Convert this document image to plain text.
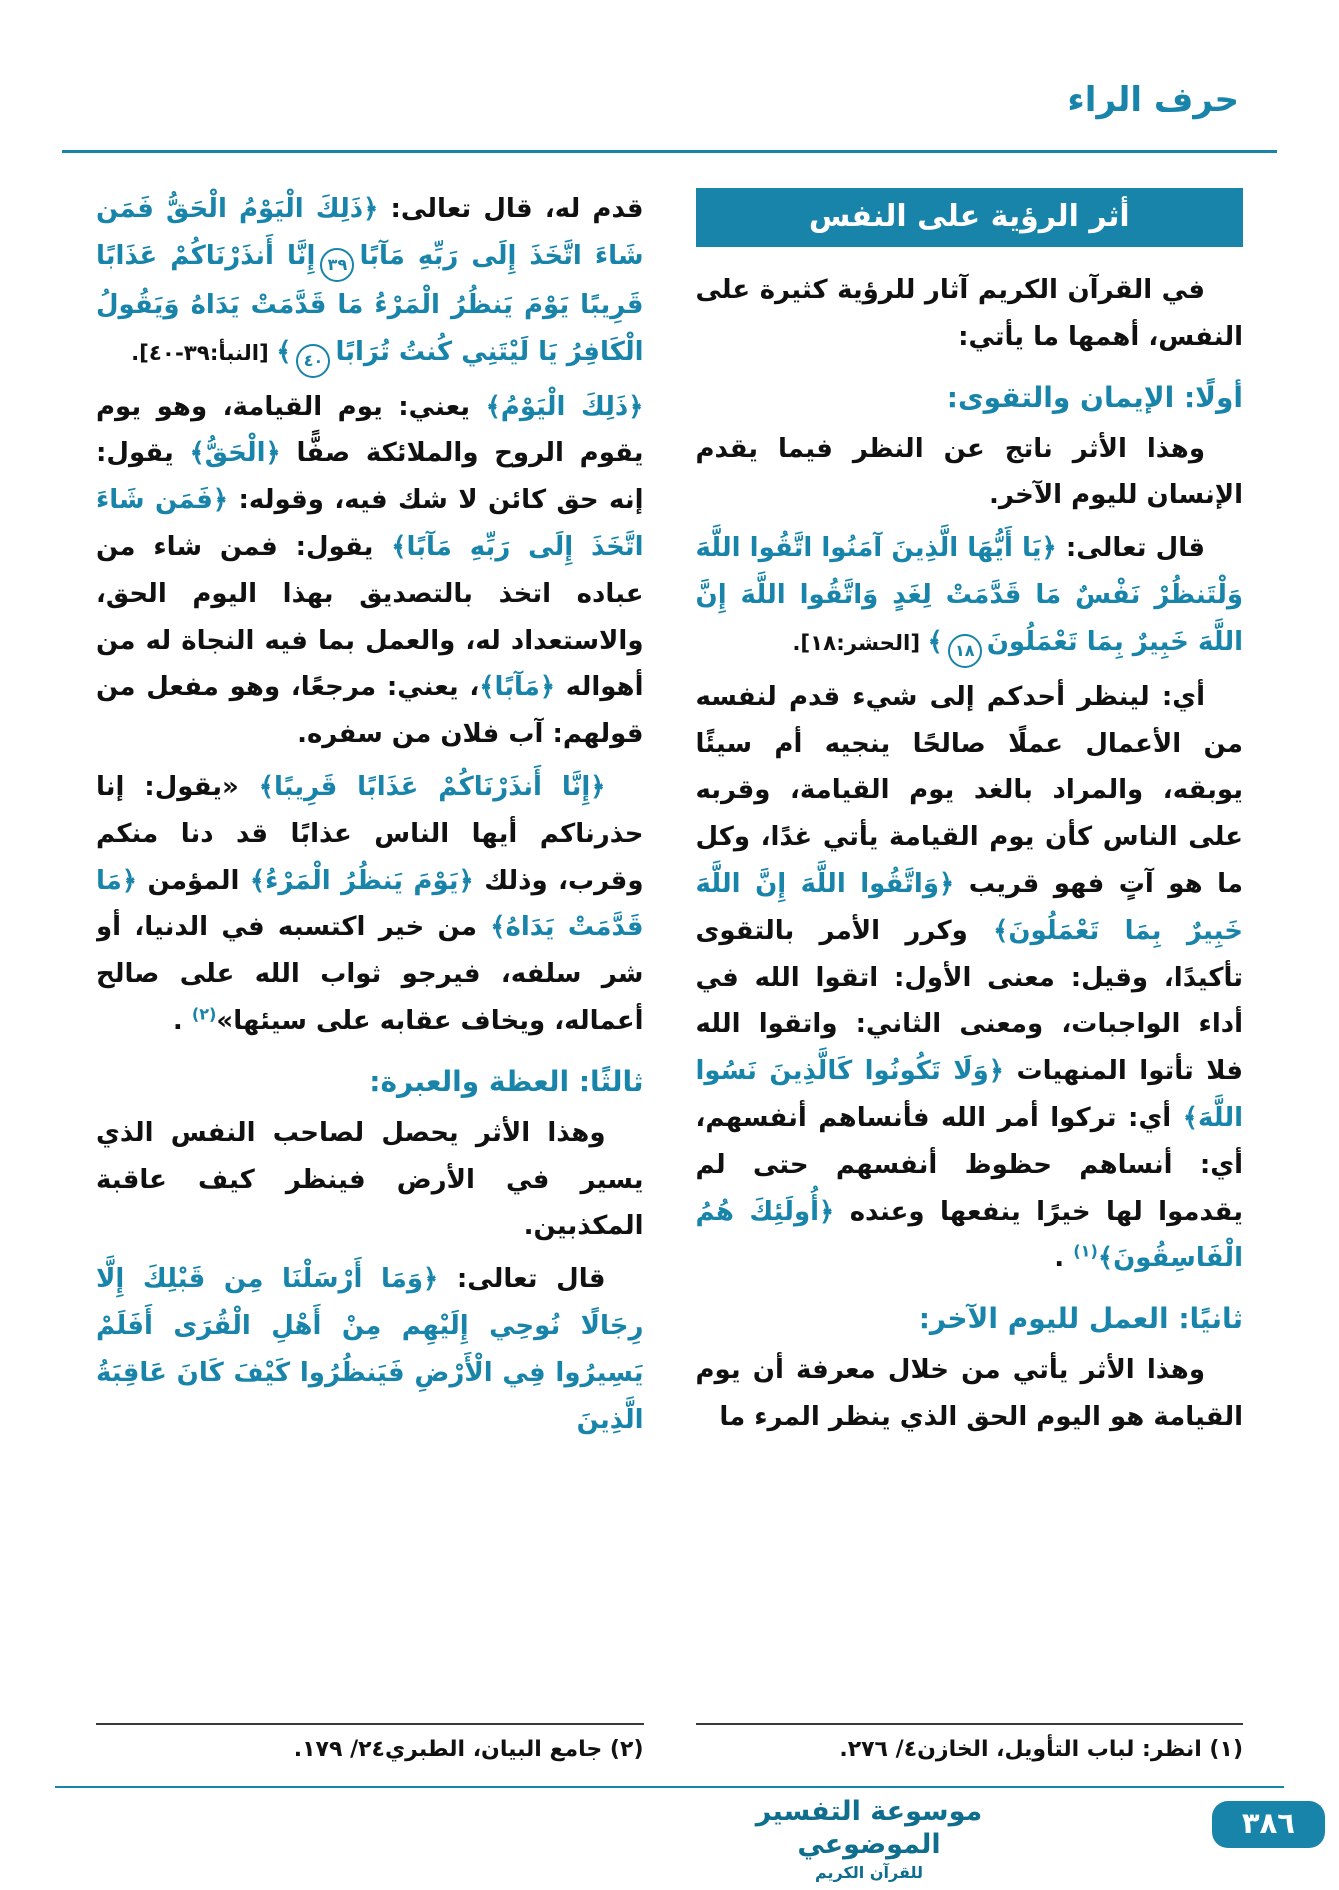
حرف الراء
أثر الرؤية على النفس

في القرآن الكريم آثار للرؤية كثيرة على النفس، أهمها ما يأتي:

أولًا: الإيمان والتقوى:

وهذا الأثر ناتج عن النظر فيما يقدم الإنسان لليوم الآخر.

قال تعالى: ﴿يَا أَيُّهَا الَّذِينَ آمَنُوا اتَّقُوا اللَّهَ وَلْتَنظُرْ نَفْسٌ مَا قَدَّمَتْ لِغَدٍ وَاتَّقُوا اللَّهَ إِنَّ اللَّهَ خَبِيرٌ بِمَا تَعْمَلُونَ١٨﴾ [الحشر:١٨].

أي: لينظر أحدكم إلى شيء قدم لنفسه من الأعمال عملًا صالحًا ينجيه أم سيئًا يوبقه، والمراد بالغد يوم القيامة، وقربه على الناس كأن يوم القيامة يأتي غدًا، وكل ما هو آتٍ فهو قريب ﴿وَاتَّقُوا اللَّهَ إِنَّ اللَّهَ خَبِيرٌ بِمَا تَعْمَلُونَ﴾ وكرر الأمر بالتقوى تأكيدًا، وقيل: معنى الأول: اتقوا الله في أداء الواجبات، ومعنى الثاني: واتقوا الله فلا تأتوا المنهيات ﴿وَلَا تَكُونُوا كَالَّذِينَ نَسُوا اللَّهَ﴾ أي: تركوا أمر الله فأنساهم أنفسهم، أي: أنساهم حظوظ أنفسهم حتى لم يقدموا لها خيرًا ينفعها وعنده ﴿أُولَئِكَ هُمُ الْفَاسِقُونَ﴾$^{(١)}$ .

ثانيًا: العمل لليوم الآخر:

وهذا الأثر يأتي من خلال معرفة أن يوم القيامة هو اليوم الحق الذي ينظر المرء ما

قدم له، قال تعالى: ﴿ذَلِكَ الْيَوْمُ الْحَقُّ فَمَن شَاءَ اتَّخَذَ إِلَى رَبِّهِ مَآبًا٣٩إِنَّا أَنذَرْنَاكُمْ عَذَابًا قَرِيبًا يَوْمَ يَنظُرُ الْمَرْءُ مَا قَدَّمَتْ يَدَاهُ وَيَقُولُ الْكَافِرُ يَا لَيْتَنِي كُنتُ تُرَابًا٤٠﴾ [النبأ:٣٩-٤٠].

﴿ذَلِكَ الْيَوْمُ﴾ يعني: يوم القيامة، وهو يوم يقوم الروح والملائكة صفًّا ﴿الْحَقُّ﴾ يقول: إنه حق كائن لا شك فيه، وقوله: ﴿فَمَن شَاءَ اتَّخَذَ إِلَى رَبِّهِ مَآبًا﴾ يقول: فمن شاء من عباده اتخذ بالتصديق بهذا اليوم الحق، والاستعداد له، والعمل بما فيه النجاة له من أهواله ﴿مَآبًا﴾، يعني: مرجعًا، وهو مفعل من قولهم: آب فلان من سفره.

﴿إِنَّا أَنذَرْنَاكُمْ عَذَابًا قَرِيبًا﴾ «يقول: إنا حذرناكم أيها الناس عذابًا قد دنا منكم وقرب، وذلك ﴿يَوْمَ يَنظُرُ الْمَرْءُ﴾ المؤمن ﴿مَا قَدَّمَتْ يَدَاهُ﴾ من خير اكتسبه في الدنيا، أو شر سلفه، فيرجو ثواب الله على صالح أعماله، ويخاف عقابه على سيئها»$^{(٢)}$ .

ثالثًا: العظة والعبرة:

وهذا الأثر يحصل لصاحب النفس الذي يسير في الأرض فينظر كيف عاقبة المكذبين.

قال تعالى: ﴿وَمَا أَرْسَلْنَا مِن قَبْلِكَ إِلَّا رِجَالًا نُوحِي إِلَيْهِم مِنْ أَهْلِ الْقُرَى أَفَلَمْ يَسِيرُوا فِي الْأَرْضِ فَيَنظُرُوا كَيْفَ كَانَ عَاقِبَةُ الَّذِينَ

(١) انظر: لباب التأويل، الخازن٤/ ٢٧٦.
(٢) جامع البيان، الطبري٢٤/ ١٧٩.
موسوعة التفسير الموضوعي
للقرآن الكريم
٣٨٦
